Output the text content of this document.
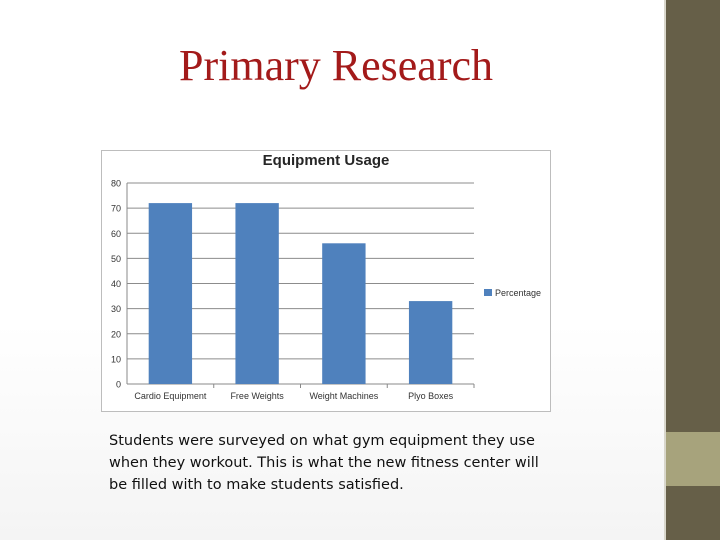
Primary Research
Equipment Usage
0
10
20
30
40
50
60
70
80
Cardio Equipment	Free Weights	Weight Machines	Plyo Boxes
Percentage
Students were surveyed on what gym equipment they use when they workout. This is what the new fitness center will be filled with to make students satisfied.
